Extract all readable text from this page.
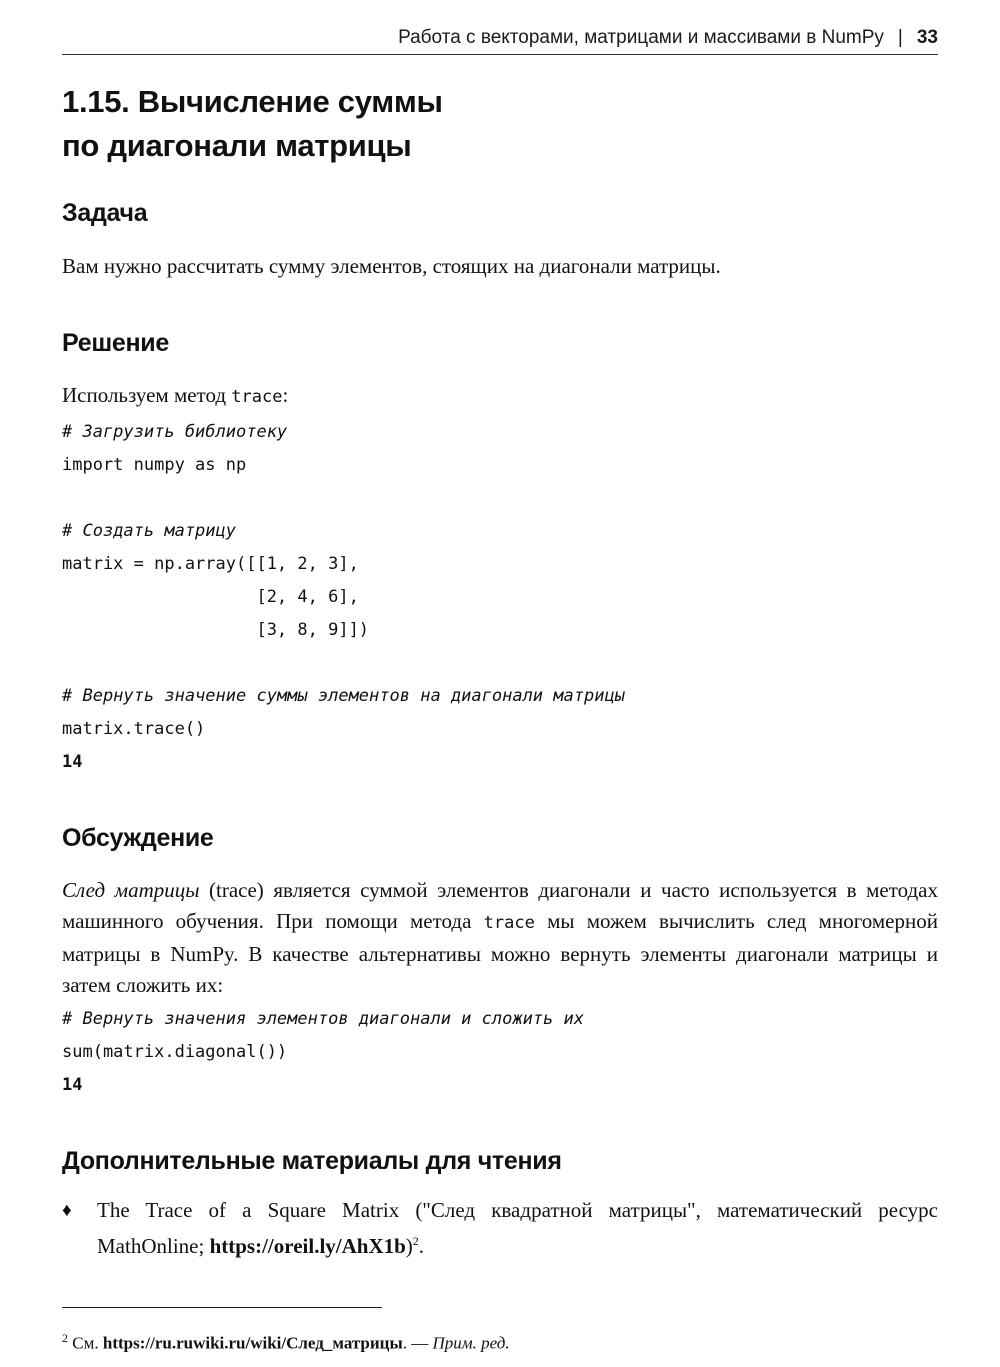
Работа с векторами, матрицами и массивами в NumPy | 33
1.15. Вычисление суммы
по диагонали матрицы
Задача

Вам нужно рассчитать сумму элементов, стоящих на диагонали матрицы.

Решение

Используем метод trace:

# Загрузить библиотеку
import numpy as np
# Создать матрицу
matrix = np.array([[1, 2, 3],
[2, 4, 6],
[3, 8, 9]])
# Вернуть значение суммы элементов на диагонали матрицы
matrix.trace()
14
Обсуждение

След матрицы (trace) является суммой элементов диагонали и часто используется в методах машинного обучения. При помощи метода trace мы можем вычислить след многомерной матрицы в NumPy. В качестве альтернативы можно вернуть элементы диагонали матрицы и затем сложить их:

# Вернуть значения элементов диагонали и сложить их
sum(matrix.diagonal())
14
Дополнительные материалы для чтения
♦ The Trace of a Square Matrix ("След квадратной матрицы", математический ресурс MathOnline; https://oreil.ly/AhX1b)$^2$.

$^2$ См. https://ru.ruwiki.ru/wiki/След_матрицы. — Прим. ред.
